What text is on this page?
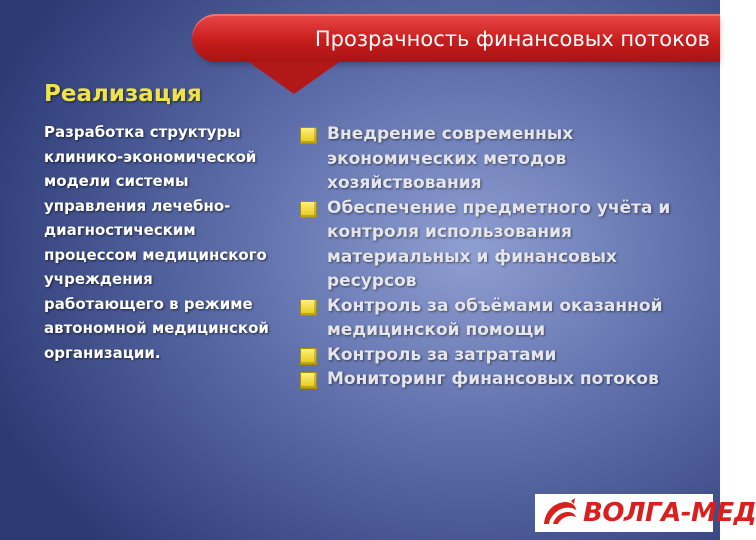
Прозрачность финансовых потоков
Реализация
Разработка структуры клинико-экономической модели системы управления лечебно-диагностическим процессом медицинского учреждения работающего в режиме автономной медицинской организации.
Внедрение современных экономических методов хозяйствования
Обеспечение предметного учёта и контроля использования материальных и финансовых ресурсов
Контроль за объёмами оказанной медицинской помощи
Контроль за затратами
Мониторинг финансовых потоков
ВОЛГА-МЕД
